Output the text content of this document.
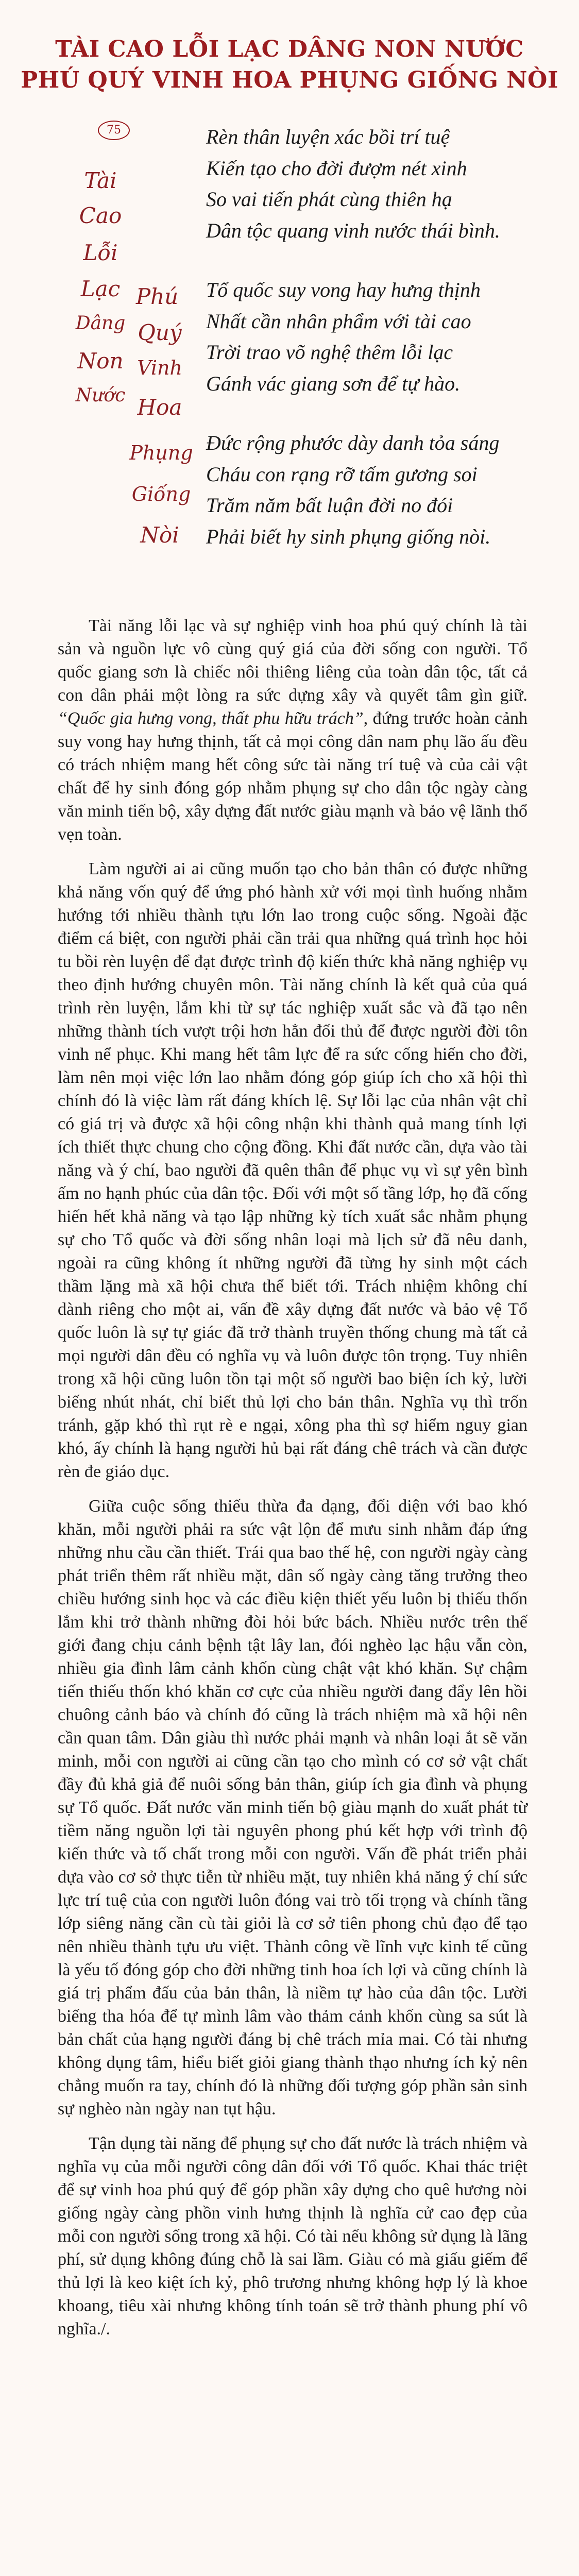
TÀI CAO LỖI LẠC DÂNG NON NƯỚC
PHÚ QUÝ VINH HOA PHỤNG GIỐNG NÒI
75
Tài
Cao
Lỗi
Lạc
Dâng
Non
Nước
Phú
Quý
Vinh
Hoa
Phụng
Giống
Nòi
Rèn thân luyện xác bồi trí tuệ
Kiến tạo cho đời đượm nét xinh
So vai tiến phát cùng thiên hạ
Dân tộc quang vinh nước thái bình.
Tổ quốc suy vong hay hưng thịnh
Nhất cần nhân phẩm với tài cao
Trời trao võ nghệ thêm lỗi lạc
Gánh vác giang sơn để tự hào.
Đức rộng phước dày danh tỏa sáng
Cháu con rạng rỡ tấm gương soi
Trăm năm bất luận đời no đói
Phải biết hy sinh phụng giống nòi.

Tài năng lỗi lạc và sự nghiệp vinh hoa phú quý chính là tài sản và nguồn lực vô cùng quý giá của đời sống con người. Tổ quốc giang sơn là chiếc nôi thiêng liêng của toàn dân tộc, tất cả con dân phải một lòng ra sức dựng xây và quyết tâm gìn giữ. “Quốc gia hưng vong, thất phu hữu trách”, đứng trước hoàn cảnh suy vong hay hưng thịnh, tất cả mọi công dân nam phụ lão ấu đều có trách nhiệm mang hết công sức tài năng trí tuệ và của cải vật chất để hy sinh đóng góp nhằm phụng sự cho dân tộc ngày càng văn minh tiến bộ, xây dựng đất nước giàu mạnh và bảo vệ lãnh thổ vẹn toàn.

Làm người ai ai cũng muốn tạo cho bản thân có được những khả năng vốn quý để ứng phó hành xử với mọi tình huống nhằm hướng tới nhiều thành tựu lớn lao trong cuộc sống. Ngoài đặc điểm cá biệt, con người phải cần trải qua những quá trình học hỏi tu bồi rèn luyện để đạt được trình độ kiến thức khả năng nghiệp vụ theo định hướng chuyên môn. Tài năng chính là kết quả của quá trình rèn luyện, lắm khi từ sự tác nghiệp xuất sắc và đã tạo nên những thành tích vượt trội hơn hẳn đối thủ để được người đời tôn vinh nể phục. Khi mang hết tâm lực để ra sức cống hiến cho đời, làm nên mọi việc lớn lao nhằm đóng góp giúp ích cho xã hội thì chính đó là việc làm rất đáng khích lệ. Sự lỗi lạc của nhân vật chỉ có giá trị và được xã hội công nhận khi thành quả mang tính lợi ích thiết thực chung cho cộng đồng. Khi đất nước cần, dựa vào tài năng và ý chí, bao người đã quên thân để phục vụ vì sự yên bình ấm no hạnh phúc của dân tộc. Đối với một số tầng lớp, họ đã cống hiến hết khả năng và tạo lập những kỳ tích xuất sắc nhằm phụng sự cho Tổ quốc và đời sống nhân loại mà lịch sử đã nêu danh, ngoài ra cũng không ít những người đã từng hy sinh một cách thầm lặng mà xã hội chưa thể biết tới. Trách nhiệm không chỉ dành riêng cho một ai, vấn đề xây dựng đất nước và bảo vệ Tổ quốc luôn là sự tự giác đã trở thành truyền thống chung mà tất cả mọi người dân đều có nghĩa vụ và luôn được tôn trọng. Tuy nhiên trong xã hội cũng luôn tồn tại một số người bao biện ích kỷ, lười biếng nhút nhát, chỉ biết thủ lợi cho bản thân. Nghĩa vụ thì trốn tránh, gặp khó thì rụt rè e ngại, xông pha thì sợ hiểm nguy gian khó, ấy chính là hạng người hủ bại rất đáng chê trách và cần được rèn đe giáo dục.

Giữa cuộc sống thiếu thừa đa dạng, đối diện với bao khó khăn, mỗi người phải ra sức vật lộn để mưu sinh nhằm đáp ứng những nhu cầu cần thiết. Trái qua bao thế hệ, con người ngày càng phát triển thêm rất nhiều mặt, dân số ngày càng tăng trưởng theo chiều hướng sinh học và các điều kiện thiết yếu luôn bị thiếu thốn lắm khi trở thành những đòi hỏi bức bách. Nhiều nước trên thế giới đang chịu cảnh bệnh tật lây lan, đói nghèo lạc hậu vẫn còn, nhiều gia đình lâm cảnh khốn cùng chật vật khó khăn. Sự chậm tiến thiếu thốn khó khăn cơ cực của nhiều người đang đẩy lên hồi chuông cảnh báo và chính đó cũng là trách nhiệm mà xã hội nên cần quan tâm. Dân giàu thì nước phải mạnh và nhân loại ắt sẽ văn minh, mỗi con người ai cũng cần tạo cho mình có cơ sở vật chất đầy đủ khả giả để nuôi sống bản thân, giúp ích gia đình và phụng sự Tổ quốc. Đất nước văn minh tiến bộ giàu mạnh do xuất phát từ tiềm năng nguồn lợi tài nguyên phong phú kết hợp với trình độ kiến thức và tố chất trong mỗi con người. Vấn đề phát triển phải dựa vào cơ sở thực tiễn từ nhiều mặt, tuy nhiên khả năng ý chí sức lực trí tuệ của con người luôn đóng vai trò tối trọng và chính tầng lớp siêng năng cần cù tài giỏi là cơ sở tiên phong chủ đạo để tạo nên nhiều thành tựu ưu việt. Thành công về lĩnh vực kinh tế cũng là yếu tố đóng góp cho đời những tinh hoa ích lợi và cũng chính là giá trị phẩm đấu của bản thân, là niềm tự hào của dân tộc. Lười biếng tha hóa để tự mình lâm vào thảm cảnh khốn cùng sa sút là bản chất của hạng người đáng bị chê trách mỉa mai. Có tài nhưng không dụng tâm, hiểu biết giỏi giang thành thạo nhưng ích kỷ nên chẳng muốn ra tay, chính đó là những đối tượng góp phần sản sinh sự nghèo nàn ngày nan tụt hậu.

Tận dụng tài năng để phụng sự cho đất nước là trách nhiệm và nghĩa vụ của mỗi người công dân đối với Tổ quốc. Khai thác triệt để sự vinh hoa phú quý để góp phần xây dựng cho quê hương nòi giống ngày càng phồn vinh hưng thịnh là nghĩa cử cao đẹp của mỗi con người sống trong xã hội. Có tài nếu không sử dụng là lãng phí, sử dụng không đúng chỗ là sai lầm. Giàu có mà giấu giếm để thủ lợi là keo kiệt ích kỷ, phô trương nhưng không hợp lý là khoe khoang, tiêu xài nhưng không tính toán sẽ trở thành phung phí vô nghĩa./.
